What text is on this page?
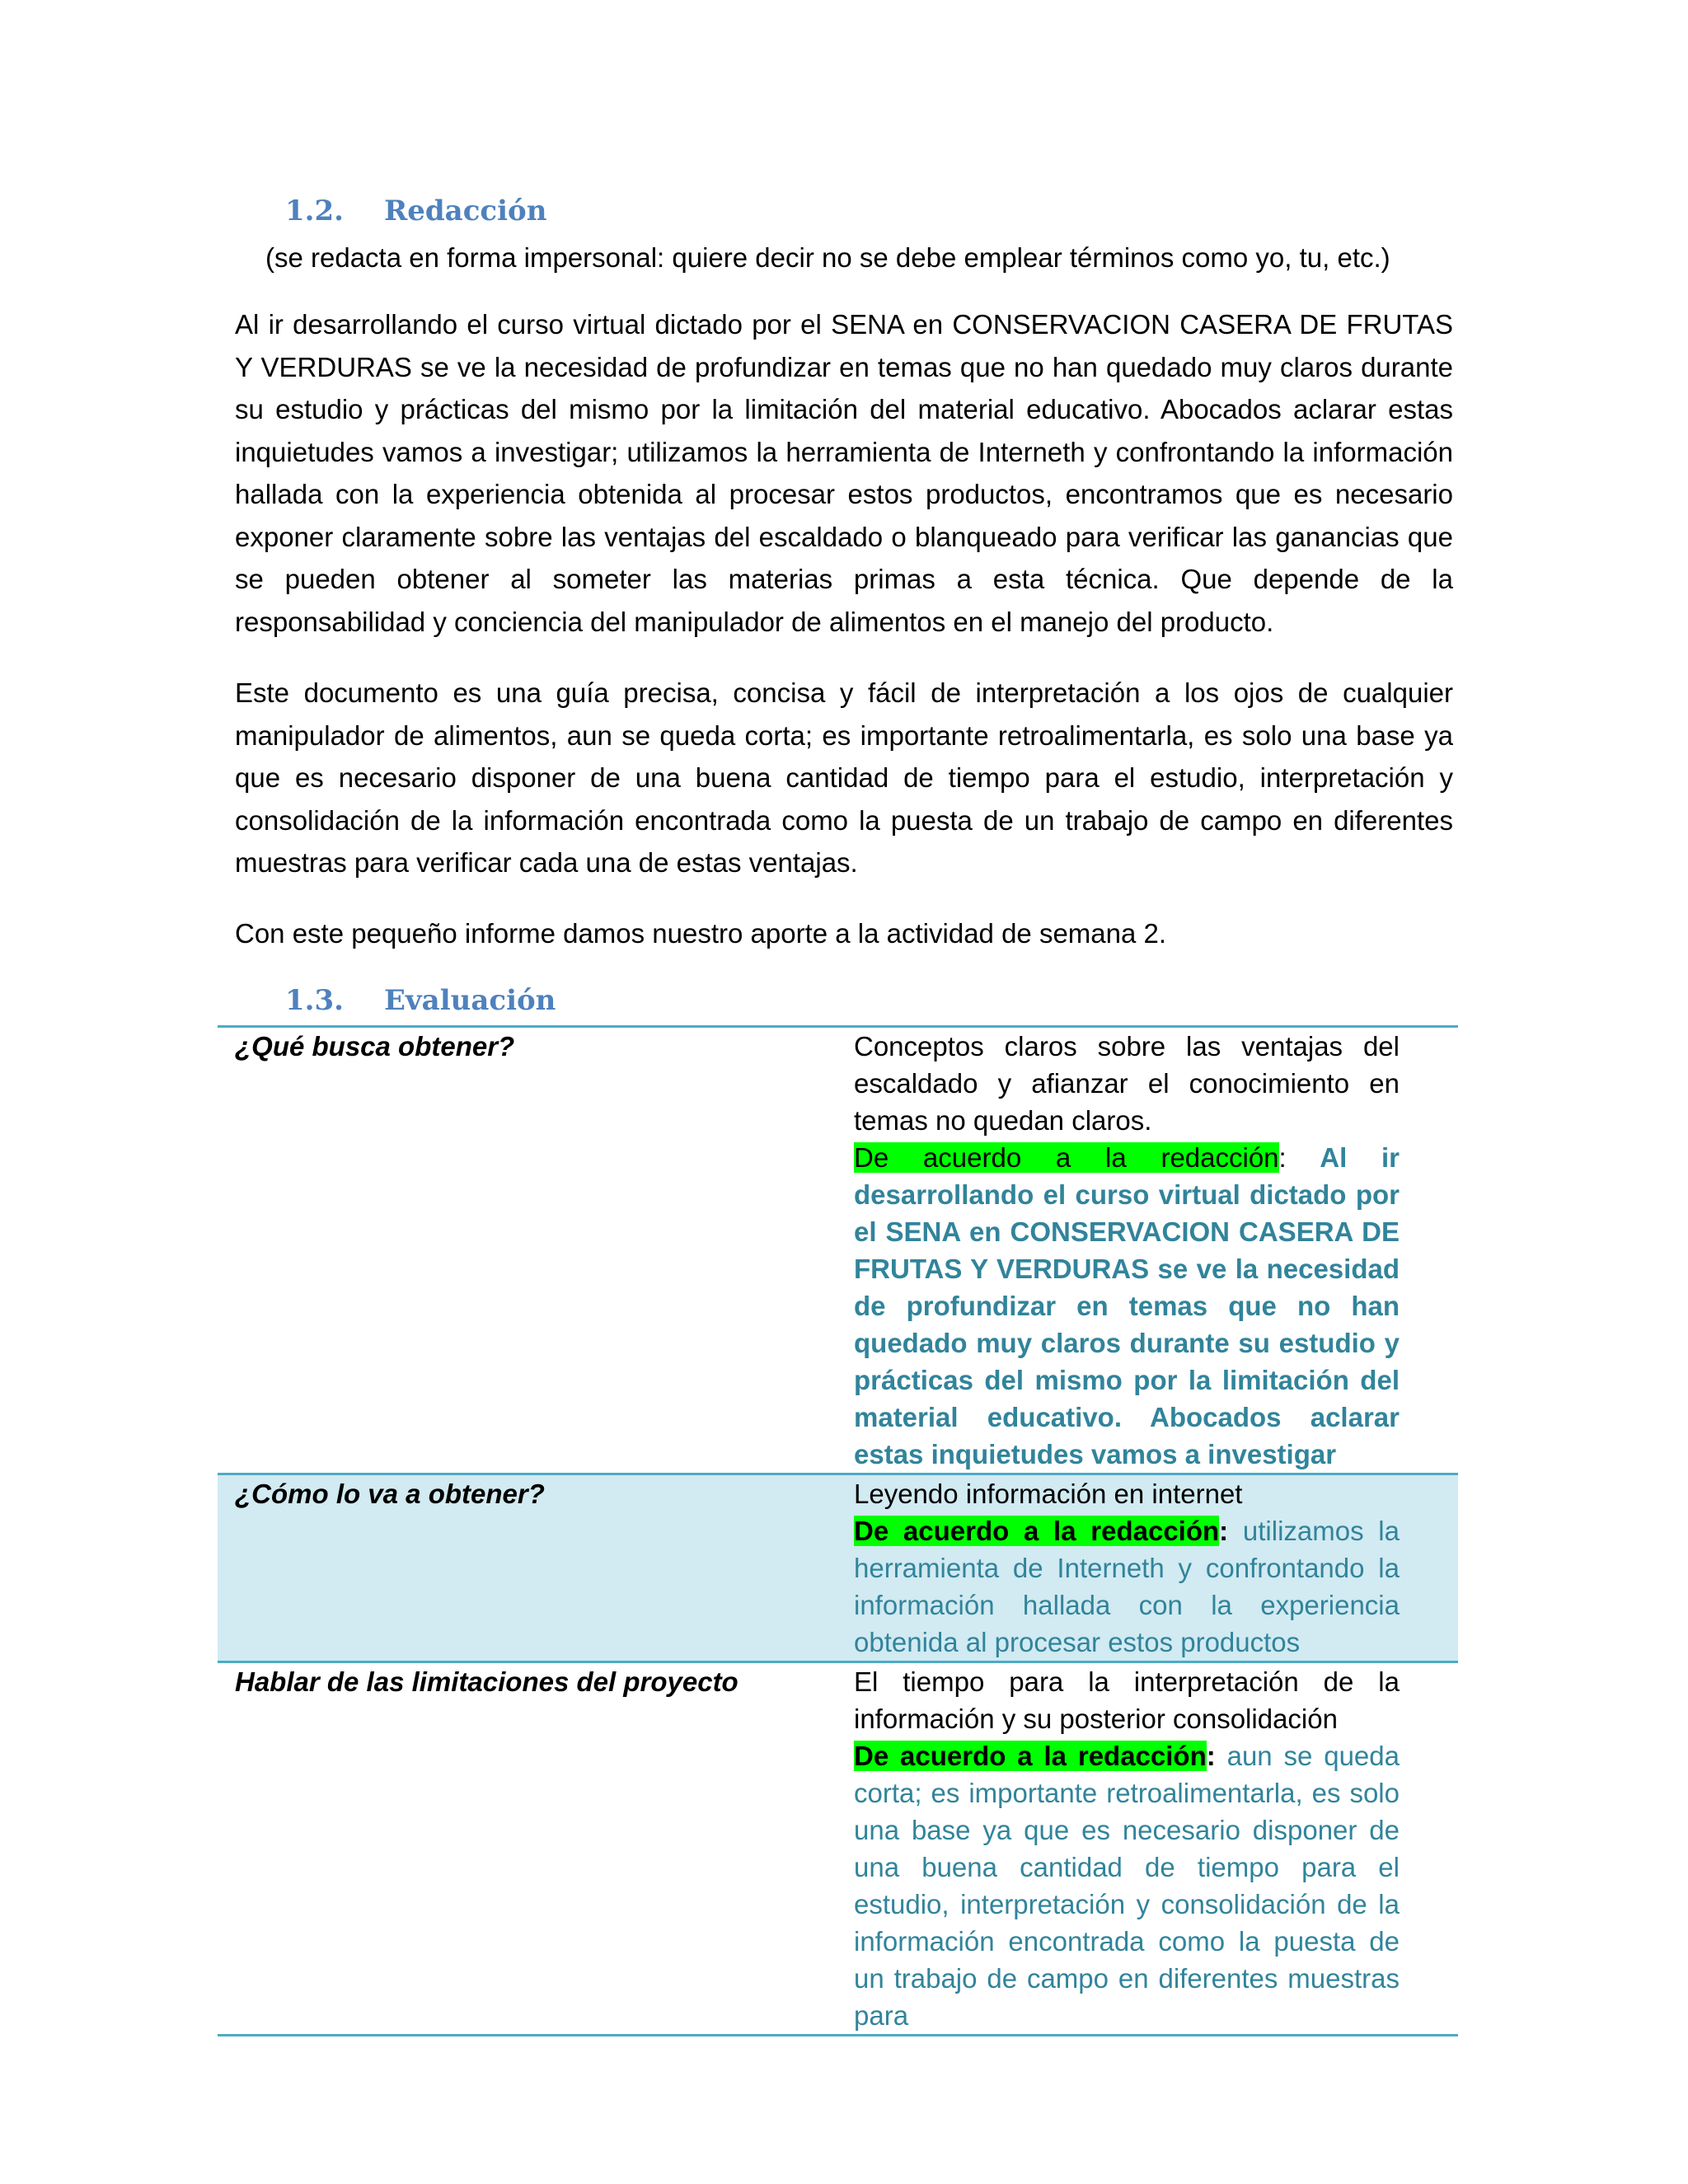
1.2. Redacción
(se redacta en forma impersonal: quiere decir no se debe emplear términos como yo, tu, etc.)

Al ir desarrollando el curso virtual dictado por el SENA en CONSERVACION CASERA DE FRUTAS Y VERDURAS se ve la necesidad de profundizar en temas que no han quedado muy claros durante su estudio y prácticas del mismo por la limitación del material educativo. Abocados aclarar estas inquietudes vamos a investigar; utilizamos la herramienta de Interneth y confrontando la información hallada con la experiencia obtenida al procesar estos productos, encontramos que es necesario exponer claramente sobre las ventajas del escaldado o blanqueado para verificar las ganancias que se pueden obtener al someter las materias primas a esta técnica. Que depende de la responsabilidad y conciencia del manipulador de alimentos en el manejo del producto.

Este documento es una guía precisa, concisa y fácil de interpretación a los ojos de cualquier manipulador de alimentos, aun se queda corta; es importante retroalimentarla, es solo una base ya que es necesario disponer de una buena cantidad de tiempo para el estudio, interpretación y consolidación de la información encontrada como la puesta de un trabajo de campo en diferentes muestras para verificar cada una de estas ventajas.

Con este pequeño informe damos nuestro aporte a la actividad de semana 2.

1.3. Evaluación
¿Qué busca obtener?	Conceptos claros sobre las ventajas del escaldado y afianzar el conocimiento en temas no quedan claros.
De acuerdo a la redacción: Al ir desarrollando el curso virtual dictado por el SENA en CONSERVACION CASERA DE FRUTAS Y VERDURAS se ve la necesidad de profundizar en temas que no han quedado muy claros durante su estudio y prácticas del mismo por la limitación del material educativo. Abocados aclarar estas inquietudes vamos a investigar
¿Cómo lo va a obtener?	Leyendo información en internet
De acuerdo a la redacción: utilizamos la herramienta de Interneth y confrontando la información hallada con la experiencia obtenida al procesar estos productos
Hablar de las limitaciones del proyecto	El tiempo para la interpretación de la información y su posterior consolidación
De acuerdo a la redacción: aun se queda corta; es importante retroalimentarla, es solo una base ya que es necesario disponer de una buena cantidad de tiempo para el estudio, interpretación y consolidación de la información encontrada como la puesta de un trabajo de campo en diferentes muestras para
